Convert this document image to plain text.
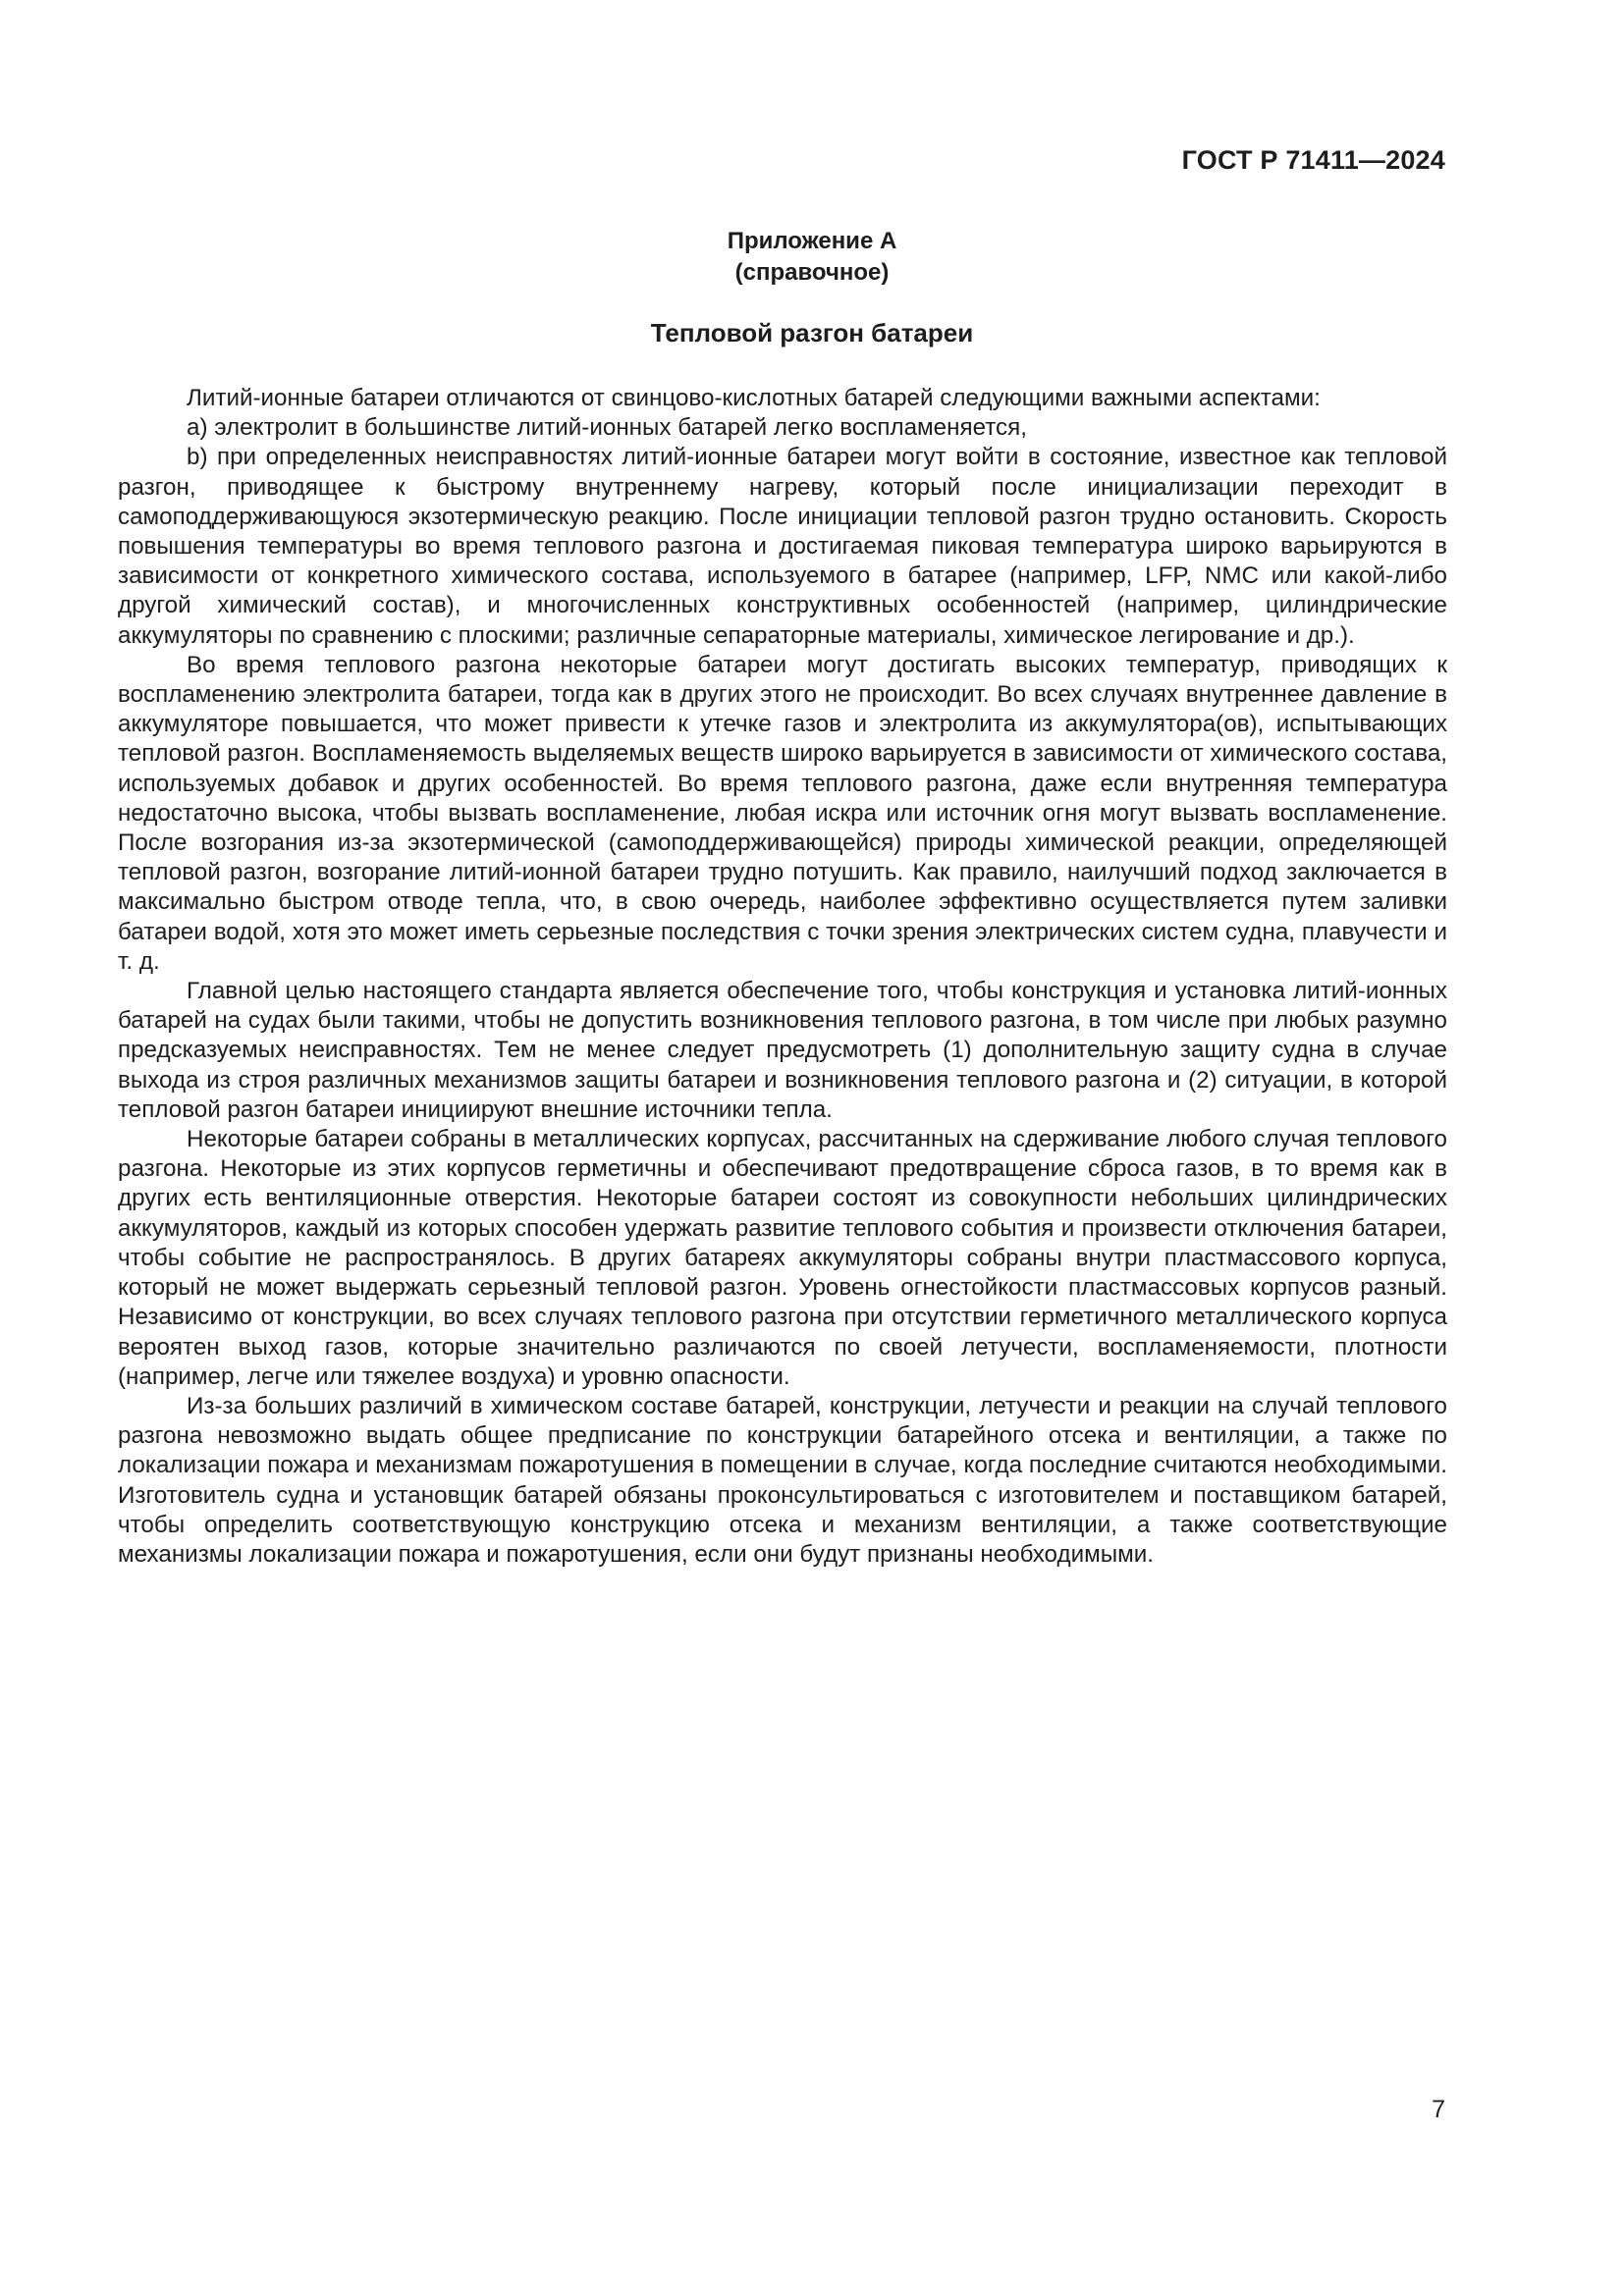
ГОСТ Р 71411—2024
Приложение А
(справочное)
Тепловой разгон батареи

Литий-ионные батареи отличаются от свинцово-кислотных батарей следующими важными аспектами:

а) электролит в большинстве литий-ионных батарей легко воспламеняется,

b) при определенных неисправностях литий-ионные батареи могут войти в состояние, известное как тепловой разгон, приводящее к быстрому внутреннему нагреву, который после инициализации переходит в самоподдерживающуюся экзотермическую реакцию. После инициации тепловой разгон трудно остановить. Скорость повышения температуры во время теплового разгона и достигаемая пиковая температура широко варьируются в зависимости от конкретного химического состава, используемого в батарее (например, LFP, NMC или какой-либо другой химический состав), и многочисленных конструктивных особенностей (например, цилиндрические аккумуляторы по сравнению с плоскими; различные сепараторные материалы, химическое легирование и др.).

Во время теплового разгона некоторые батареи могут достигать высоких температур, приводящих к воспламенению электролита батареи, тогда как в других этого не происходит. Во всех случаях внутреннее давление в аккумуляторе повышается, что может привести к утечке газов и электролита из аккумулятора(ов), испытывающих тепловой разгон. Воспламеняемость выделяемых веществ широко варьируется в зависимости от химического состава, используемых добавок и других особенностей. Во время теплового разгона, даже если внутренняя температура недостаточно высока, чтобы вызвать воспламенение, любая искра или источник огня могут вызвать воспламенение. После возгорания из-за экзотермической (самоподдерживающейся) природы химической реакции, определяющей тепловой разгон, возгорание литий-ионной батареи трудно потушить. Как правило, наилучший подход заключается в максимально быстром отводе тепла, что, в свою очередь, наиболее эффективно осуществляется путем заливки батареи водой, хотя это может иметь серьезные последствия с точки зрения электрических систем судна, плавучести и т. д.

Главной целью настоящего стандарта является обеспечение того, чтобы конструкция и установка литий-ионных батарей на судах были такими, чтобы не допустить возникновения теплового разгона, в том числе при любых разумно предсказуемых неисправностях. Тем не менее следует предусмотреть (1) дополнительную защиту судна в случае выхода из строя различных механизмов защиты батареи и возникновения теплового разгона и (2) ситуации, в которой тепловой разгон батареи инициируют внешние источники тепла.

Некоторые батареи собраны в металлических корпусах, рассчитанных на сдерживание любого случая теплового разгона. Некоторые из этих корпусов герметичны и обеспечивают предотвращение сброса газов, в то время как в других есть вентиляционные отверстия. Некоторые батареи состоят из совокупности небольших цилиндрических аккумуляторов, каждый из которых способен удержать развитие теплового события и произвести отключения батареи, чтобы событие не распространялось. В других батареях аккумуляторы собраны внутри пластмассового корпуса, который не может выдержать серьезный тепловой разгон. Уровень огнестойкости пластмассовых корпусов разный. Независимо от конструкции, во всех случаях теплового разгона при отсутствии герметичного металлического корпуса вероятен выход газов, которые значительно различаются по своей летучести, воспламеняемости, плотности (например, легче или тяжелее воздуха) и уровню опасности.

Из-за больших различий в химическом составе батарей, конструкции, летучести и реакции на случай теплового разгона невозможно выдать общее предписание по конструкции батарейного отсека и вентиляции, а также по локализации пожара и механизмам пожаротушения в помещении в случае, когда последние считаются необходимыми. Изготовитель судна и установщик батарей обязаны проконсультироваться с изготовителем и поставщиком батарей, чтобы определить соответствующую конструкцию отсека и механизм вентиляции, а также соответствующие механизмы локализации пожара и пожаротушения, если они будут признаны необходимыми.

7
